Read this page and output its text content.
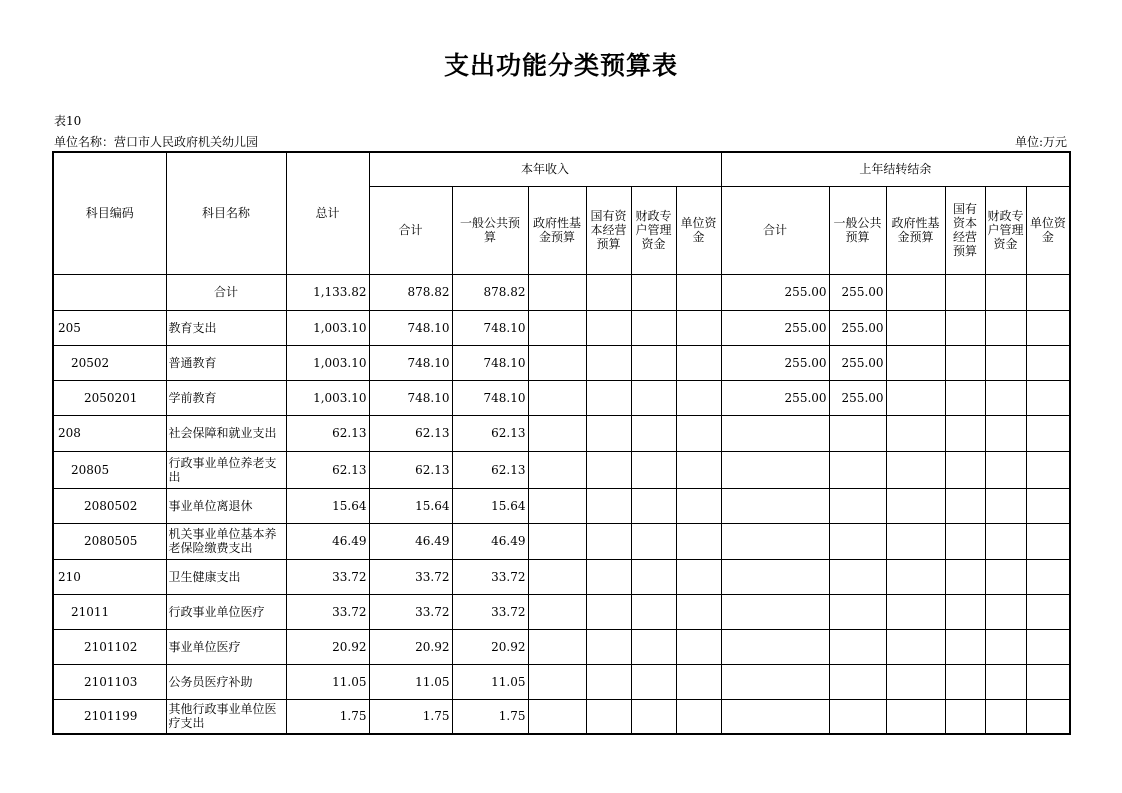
支出功能分类预算表
表10
单位名称：营口市人民政府机关幼儿园	单位:万元
科目编码	科目名称	总计	本年收入						上年结转结余					
			合计	一般公共预算	政府性基金预算	国有资本经营预算	财政专户管理资金	单位资金	合计	一般公共预算	政府性基金预算	国有资本经营预算	财政专户管理资金	单位资金
	合计	1,133.82	878.82	878.82					255.00	255.00				
205	教育支出	1,003.10	748.10	748.10					255.00	255.00				
20502	普通教育	1,003.10	748.10	748.10					255.00	255.00				
2050201	学前教育	1,003.10	748.10	748.10					255.00	255.00				
208	社会保障和就业支出	62.13	62.13	62.13										
20805	行政事业单位养老支出	62.13	62.13	62.13										
2080502	事业单位离退休	15.64	15.64	15.64										
2080505	机关事业单位基本养老保险缴费支出	46.49	46.49	46.49										
210	卫生健康支出	33.72	33.72	33.72										
21011	行政事业单位医疗	33.72	33.72	33.72										
2101102	事业单位医疗	20.92	20.92	20.92										
2101103	公务员医疗补助	11.05	11.05	11.05										
2101199	其他行政事业单位医疗支出	1.75	1.75	1.75										
